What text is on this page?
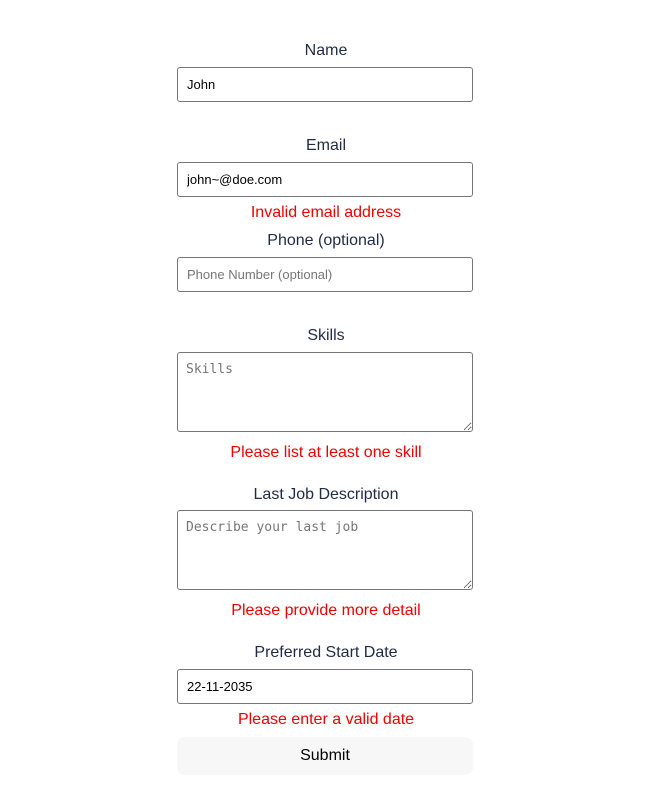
Name
John
Email
john~@doe.com
Invalid email address
Phone (optional)
Phone Number (optional)
Skills
Skills
Please list at least one skill
Last Job Description
Describe your last job
Please provide more detail
Preferred Start Date
22-11-2035
Please enter a valid date
Submit
